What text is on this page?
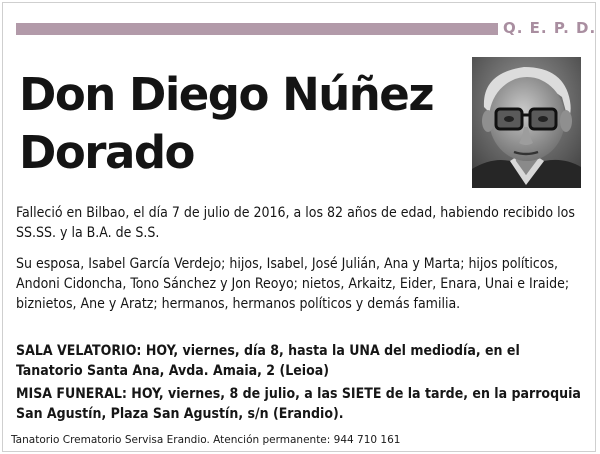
Q. E. P. D.
Don Diego Núñez
Dorado
Falleció en Bilbao, el día 7 de julio de 2016, a los 82 años de edad, habiendo recibido los SS.SS. y la B.A. de S.S.
Su esposa, Isabel García Verdejo; hijos, Isabel, José Julián, Ana y Marta; hijos políticos, Andoni Cidoncha, Tono Sánchez y Jon Reoyo; nietos, Arkaitz, Eider, Enara, Unai e Iraide; biznietos, Ane y Aratz; hermanos, hermanos políticos y demás familia.
SALA VELATORIO: HOY, viernes, día 8, hasta la UNA del mediodía, en el Tanatorio Santa Ana, Avda. Amaia, 2 (Leioa)
MISA FUNERAL: HOY, viernes, 8 de julio, a las SIETE de la tarde, en la parroquia San Agustín, Plaza San Agustín, s/n (Erandio).
Tanatorio Crematorio Servisa Erandio. Atención permanente: 944 710 161
